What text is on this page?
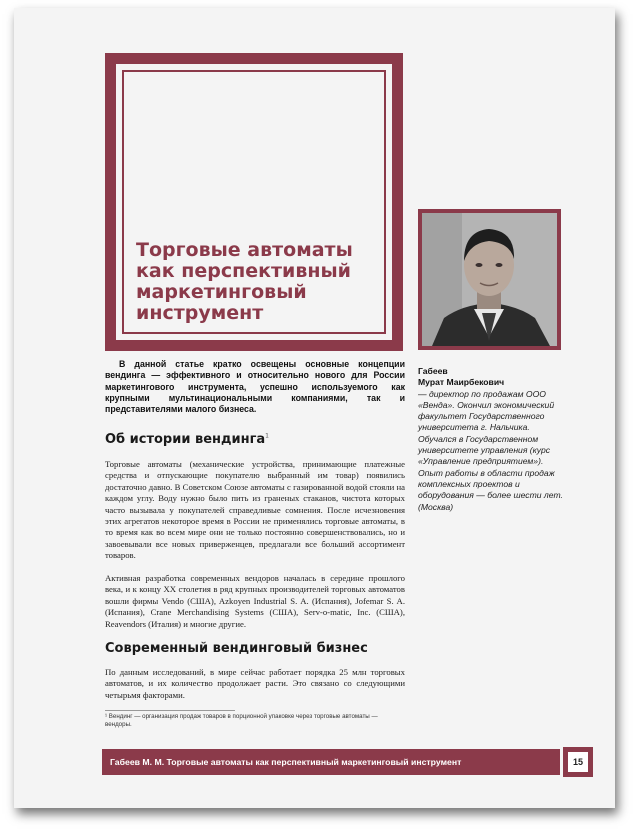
Торговые автоматы как перспективный маркетинговый инструмент

В данной статье кратко освещены основные концепции вендинга — эффективного и относительно нового для России маркетингового инструмента, успешно используемого как крупными мультинациональными компаниями, так и представителями малого бизнеса.

Об истории вендинга$^1$

Торговые автоматы (механические устройства, принимающие платежные средства и отпускающие покупателю выбранный им товар) появились достаточно давно. В Советском Союзе автоматы с газированной водой стояли на каждом углу. Воду нужно было пить из граненых стаканов, чистота которых часто вызывала у покупателей справедливые сомнения. После исчезновения этих агрегатов некоторое время в России не применялись торговые автоматы, в то время как во всем мире они не только постоянно совершенствовались, но и завоевывали все новых приверженцев, предлагали все больший ассортимент товаров.

Активная разработка современных вендоров началась в середине прошлого века, и к концу XX столетия в ряд крупных производителей торговых автоматов вошли фирмы Vendo (США), Azkoyen Industrial S. A. (Испания), Jofemar S. A. (Испания), Crane Merchandising Systems (США), Serv-o-matic, Inc. (США), Reavendors (Италия) и многие другие.

Современный вендинговый бизнес

По данным исследований, в мире сейчас работает порядка 25 млн торговых автоматов, и их количество продолжает расти. Это связано со следующими четырьмя факторами.

¹ Вендинг — организация продаж товаров в порционной упаковке через торговые автоматы — вендоры.

Габеев
Мурат Маирбекович
— директор по продажам ООО «Венда». Окончил экономический факультет Государственного университета г. Нальчика. Обучался в Государственном университете управления (курс «Управление предприятием»). Опыт работы в области продаж комплексных проектов и оборудования — более шести лет.
(Москва)
Габеев М. М. Торговые автоматы как перспективный маркетинговый инструмент	15
